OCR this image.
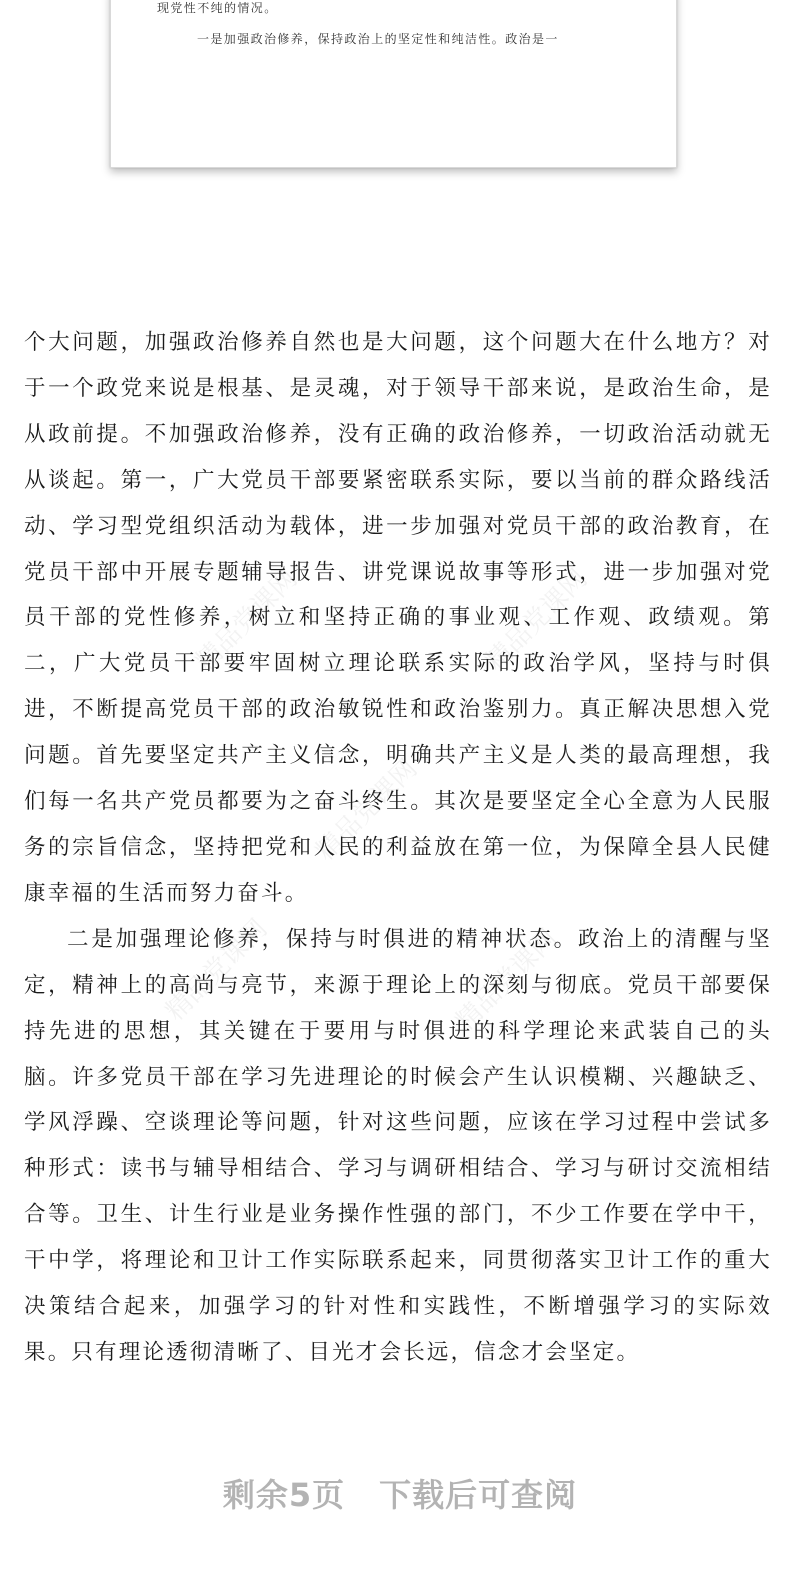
现党性不纯的情况。
一是加强政治修养，保持政治上的坚定性和纯洁性。政治是一
精品党课网	精品党课网
精品党课网
精品党课网	精品党课网

个大问题，加强政治修养自然也是大问题，这个问题大在什么地方？对于一个政党来说是根基、是灵魂，对于领导干部来说，是政治生命，是从政前提。不加强政治修养，没有正确的政治修养，一切政治活动就无从谈起。第一，广大党员干部要紧密联系实际，要以当前的群众路线活动、学习型党组织活动为载体，进一步加强对党员干部的政治教育，在党员干部中开展专题辅导报告、讲党课说故事等形式，进一步加强对党员干部的党性修养，树立和坚持正确的事业观、工作观、政绩观。第二，广大党员干部要牢固树立理论联系实际的政治学风，坚持与时俱进，不断提高党员干部的政治敏锐性和政治鉴别力。真正解决思想入党问题。首先要坚定共产主义信念，明确共产主义是人类的最高理想，我们每一名共产党员都要为之奋斗终生。其次是要坚定全心全意为人民服务的宗旨信念，坚持把党和人民的利益放在第一位，为保障全县人民健康幸福的生活而努力奋斗。

二是加强理论修养，保持与时俱进的精神状态。政治上的清醒与坚定，精神上的高尚与亮节，来源于理论上的深刻与彻底。党员干部要保持先进的思想，其关键在于要用与时俱进的科学理论来武装自己的头脑。许多党员干部在学习先进理论的时候会产生认识模糊、兴趣缺乏、学风浮躁、空谈理论等问题，针对这些问题，应该在学习过程中尝试多种形式：读书与辅导相结合、学习与调研相结合、学习与研讨交流相结合等。卫生、计生行业是业务操作性强的部门，不少工作要在学中干，干中学，将理论和卫计工作实际联系起来，同贯彻落实卫计工作的重大决策结合起来，加强学习的针对性和实践性，不断增强学习的实际效果。只有理论透彻清晰了、目光才会长远，信念才会坚定。

剩余5页 下载后可查阅
